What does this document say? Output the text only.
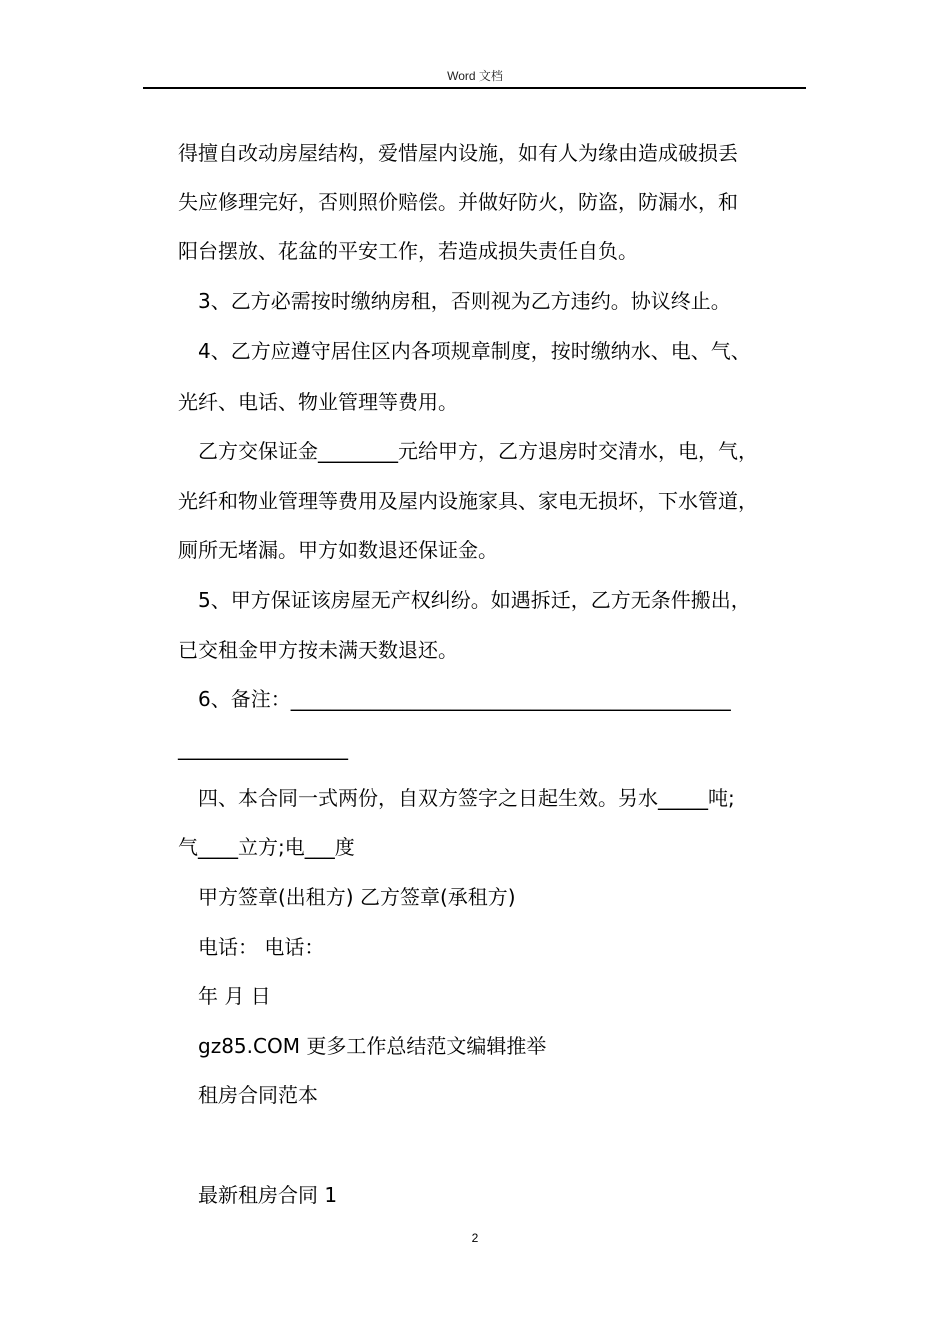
Word 文档
得擅自改动房屋结构，爱惜屋内设施，如有人为缘由造成破损丢
失应修理完好，否则照价赔偿。并做好防火，防盗，防漏水，和
阳台摆放、花盆的平安工作，若造成损失责任自负。
3、乙方必需按时缴纳房租，否则视为乙方违约。协议终止。
4、乙方应遵守居住区内各项规章制度，按时缴纳水、电、气、
光纤、电话、物业管理等费用。
乙方交保证金________元给甲方，乙方退房时交清水，电，气，
光纤和物业管理等费用及屋内设施家具、家电无损坏，下水管道，
厕所无堵漏。甲方如数退还保证金。
5、甲方保证该房屋无产权纠纷。如遇拆迁，乙方无条件搬出，
已交租金甲方按未满天数退还。
6、备注：____________________________________________
_________________
四、本合同一式两份，自双方签字之日起生效。另水_____吨;
气____立方;电___度
甲方签章(出租方) 乙方签章(承租方)
电话： 电话：
年 月 日
gz85.COM 更多工作总结范文编辑推举
租房合同范本
最新租房合同 1
2
